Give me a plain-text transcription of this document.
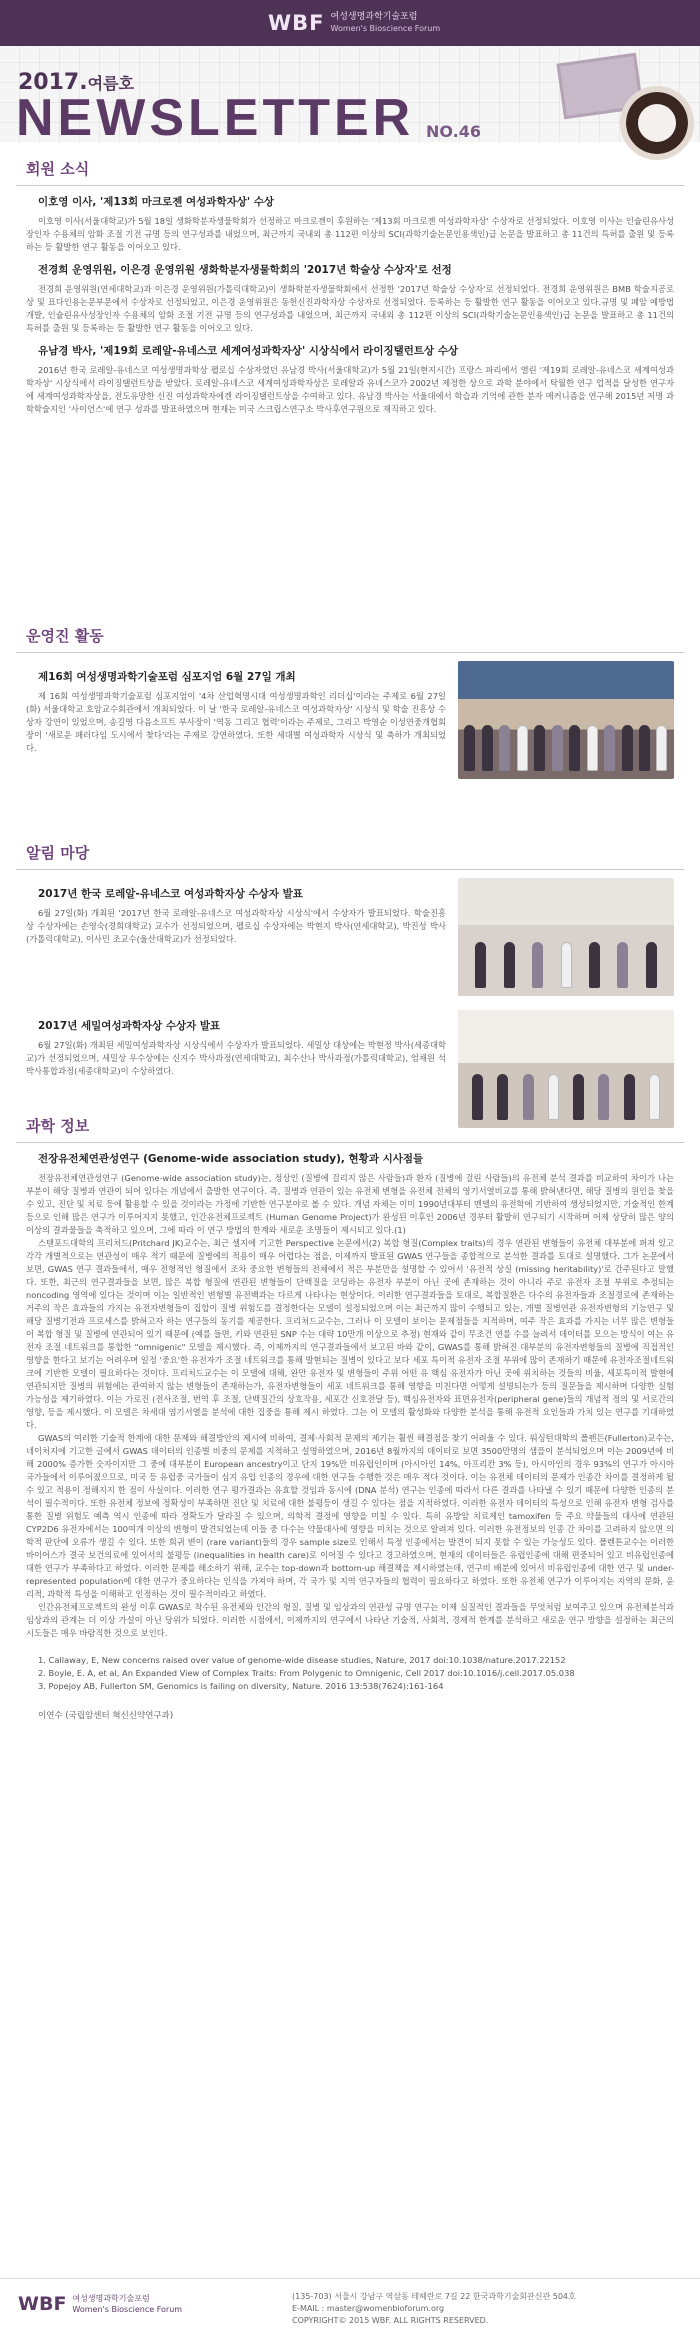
WBF 여성생명과학기술포럼
Women's Bioscience Forum
2017.여름호
NEWSLETTER NO.46
회원 소식
이호영 이사, '제13회 마크로젠 여성과학자상' 수상

이호영 이사(서울대학교)가 5월 18일 생화학분자생물학회가 선정하고 마크로젠이 후원하는 '제13회 마크로젠 여성과학자상' 수상자로 선정되었다. 이호영 이사는 인슐린유사성장인자 수용체의 암화 조절 기전 규명 등의 연구성과를 내었으며, 최근까지 국내외 총 112편 이상의 SCI(과학기술논문인용색인)급 논문을 발표하고 총 11건의 특허를 출원 및 등록하는 등 활발한 연구 활동을 이어오고 있다.

전경희 운영위원, 이은경 운영위원 생화학분자생물학회의 '2017년 학술상 수상자'로 선정

전경희 운영위원(연세대학교)과 이은경 운영위원(가톨릭대학교)이 생화학분자생물학회에서 선정한 '2017년 학술상 수상자'로 선정되었다. 전경희 운영위원은 BMB 학술지공로상 및 표다인용논문부문에서 수상자로 선정되었고, 이은경 운영위원은 동헌신진과학자상 수상자로 선정되었다. 등록하는 등 활발한 연구 활동을 이어오고 있다.규명 및 폐암 예방법 개발, 인슐린유사성장인자 수용체의 암화 조절 기전 규명 등의 연구성과를 내었으며, 최근까지 국내외 총 112편 이상의 SCI(과학기술논문인용색인)급 논문을 발표하고 총 11건의 특허를 출원 및 등록하는 등 활발한 연구 활동을 이어오고 있다.

유남경 박사, '제19회 로레알-유네스코 세계여성과학자상' 시상식에서 라이징탤런트상 수상

2016년 한국 로레알-유네스코 여성생명과학상 펠로십 수상자였던 유남경 박사(서울대학교)가 5월 21일(현지시간) 프랑스 파리에서 열린 '제19회 로레알-유네스코 세계여성과학자상' 시상식에서 라이징탤런트상을 받았다. 로레알-유네스코 세계여성과학자상은 로레알과 유네스코가 2002년 제정한 상으로 과학 분야에서 탁월한 연구 업적을 달성한 연구자에 세계여성과학자상을, 전도유망한 신진 여성과학자에겐 라이징탤런트상을 수여하고 있다. 유남경 박사는 서울대에서 학습과 기억에 관한 분자 메커니즘을 연구해 2015년 저명 과학학술지인 '사이언스'에 연구 성과를 발표하였으며 현재는 미국 스크립스연구소 박사후연구원으로 재직하고 있다.

운영진 활동
제16회 여성생명과학기술포럼 심포지엄 6월 27일 개최

제 16회 여성생명과학기술포럼 심포지엄이 '4차 산업혁명시대 여성생명과학인 리더십'이라는 주제로 6월 27일(화) 서울대학교 호암교수회관에서 개최되었다. 이 날 '한국 로레알-유네스코 여성과학자상' 시상식 및 학술 진흥상 수상자 강연이 있었으며, 송길영 다음소프트 부사장이 '역동 그리고 협력'이라는 주제로, 그리고 박영순 이성연중개협회장이 '새로운 패러다임 도시에서 찾다'라는 주제로 강연하였다. 또한 세대별 여성과학자 시상식 및 축하가 개최되었다.

알림 마당
2017년 한국 로레알-유네스코 여성과학자상 수상자 발표

6월 27일(화) 개최된 '2017년 한국 로레알-유네스코 여성과학자상 시상식'에서 수상자가 발표되었다. 학술진흥상 수상자에는 손영숙(경희대학교) 교수가 선정되었으며, 펠로십 수상자에는 박현지 박사(연세대학교), 박진성 박사(가톨릭대학교), 이사민 조교수(울산대학교)가 선정되었다.

2017년 세밀여성과학자상 수상자 발표

6월 27일(화) 개최된 세밀여성과학자상 시상식에서 수상자가 발표되었다. 세밀상 대상에는 박현정 박사(세종대학교)가 선정되었으며, 세밀상 우수상에는 신지수 박사과정(연세대학교), 최수산나 박사과정(가톨릭대학교), 엄채원 석박사통합과정(세종대학교)이 수상하였다.

과학 정보
전장유전체연관성연구 (Genome-wide association study), 현황과 시사점들

전장유전체연관성연구 (Genome-wide association study)는, 정상인 (질병에 걸리지 않은 사람들)과 환자 (질병에 걸린 사람들)의 유전체 분석 결과를 비교하여 차이가 나는 부분이 해당 질병과 연관이 되어 있다는 개념에서 출발한 연구이다. 즉, 질병과 연관이 있는 유전체 변형을 유전체 전체의 영기서열비교를 통해 밝혀낸다면, 해당 질병의 원인을 찾을 수 있고, 진단 및 치료 등에 활용할 수 있을 것이라는 가정에 기반한 연구분야로 볼 수 있다. 개념 자체는 이미 1990년대부터 멘델의 유전학에 기반하여 생성되었지만, 기술적인 한계 등으로 인해 많은 연구가 이루어지지 못했고, 인간유전체프로젝트 (Human Genome Project)가 완성된 이후인 2006년 경부터 활발히 연구되기 시작하며 어제 상당히 많은 양의 이상의 결과물들을 축적하고 있으며, 그에 따라 이 연구 방법의 한계와 새로운 조명들이 제시되고 있다.(1)

스탠포드대학의 프리처드(Pritchard JK)교수는, 최근 셀지에 기고한 Perspective 논문에서(2) 복합 형질(Complex traits)의 경우 연관된 변형들이 유전체 대부분에 퍼져 있고 각각 개별적으로는 연관성이 매우 적기 때문에 질병에의 적용이 매우 어렵다는 점을, 이제까지 발표된 GWAS 연구들을 종합적으로 분석한 결과를 토대로 설명했다. 그가 논문에서 보면, GWAS 연구 결과들에서, 매우 전형적인 형질에서 조차 중요한 변형들의 전체에서 적은 부분만을 설명할 수 있어서 '유전적 상실 (missing heritability)'로 간주된다고 말했다. 또한, 최근의 연구결과들을 보면, 많은 복합 형질에 연관된 변형들이 단백질을 코딩하는 유전자 부분이 아닌 곳에 존재하는 것이 아니라 주로 유전자 조절 부위로 추정되는 noncoding 영역에 있다는 것이며 이는 일반적인 변형별 유전백과는 다르게 나타나는 현상이다. 이러한 연구결과들을 토대로, 복합질환은 다수의 유전자들과 조절경로에 존재하는 거주의 작은 효과들의 가지는 유전자변형들이 집합이 질병 위험도를 결정한다는 모델이 설정되었으며 이는 최근까지 많이 수행되고 있는, 개별 질병연관 유전자변형의 기능연구 및 해당 질병기전과 프로세스를 밝혀고자 하는 연구들의 동기를 제공한다. 프리처드교수는, 그러나 이 모델이 보이는 문제점들을 지적하며, 여주 작은 효과를 가지는 너무 많은 변형들이 복합 형질 및 질병에 연관되어 있기 때문에 (예를 들면, 키와 연관된 SNP 수는 대략 10만개 이상으로 추정) 현재와 같이 무조건 연를 수를 늘려서 데이터를 모으는 방식이 여는 유전자 조절 네트워크를 통합한 "omnigenic" 모델을 제시했다. 즉, 이제까지의 연구결과들에서 보고된 바와 같이, GWAS를 통해 밝혀진 대부분의 유전자변형들의 질병에 직접적인 영향을 한다고 보기는 어려우며 일정 '중요'한 유전자가 조절 네트워크를 통해 발현되는 질병이 있다고 보다 세포 특이적 유전자 조절 부위에 많이 존재하기 때문에 유전자조절네트워크에 기반한 모델이 필요하다는 것이다. 프리처드교수는 이 모델에 대해, 완만 유전자 및 변형들이 주위 어떤 유 핵심 유전자가 아닌 곳에 위치하는 것들의 비율, 세포특이적 발현에 연관되지만 질병의 위험에는 관여하지 않는 변형들이 존재하는가, 유전자변형들이 세포 네트워크를 통해 영향을 미친다면 어떻게 설명되는가 등의 질문들을 제시하며 다양한 실험 가능성을 제기하였다. 이는 가로진 (전사조절, 번역 후 조절, 단백질간의 상호작용, 세포간 신호전달 등), 핵심유전자와 표면유전자(peripheral gene)들의 개념적 정의 및 서로간의 영향, 등을 제시했다. 이 모델은 차세대 염기서열을 분석에 대한 집중을 통해 제시 하였다. 그는 이 모델의 활성화와 다양한 분석을 통해 유전적 요인들과 가치 있는 연구를 기대하였다.

GWAS의 여러한 기술적 한계에 대한 문제와 해결방안의 제시에 비하여, 결제·사회적 문제의 제기는 훨씬 해결점을 찾기 어려울 수 있다. 워싱턴대학의 폴펜든(Fullerton)교수는, 네이처지에 기고한 글에서 GWAS 데이터의 인종별 비중의 문제를 지적하고 설명하였으며, 2016년 8월까지의 데이터로 보면 3500만명의 샘플이 분석되었으며 이는 2009년에 비해 2000% 증가한 숫자이지만 그 중에 대부분이 European ancestry이고 단지 19%만 비유럽인이며 (아시아인 14%, 아프리칸 3% 등), 아시아인의 경우 93%의 연구가 아시아국가들에서 이루어졌으므로, 미국 등 유럽중 국가들이 심지 유입 인종의 경우에 대한 연구들 수행한 것은 매우 적다 것이다. 이는 유전체 데이터의 문제가 인종간 차이를 결정하게 될 수 있고 적용이 정해지지 한 점이 사실이다. 이러한 연구 평가결과는 유효할 것임과 동시에 (DNA 분석) 연구는 인종에 따라서 다른 결과를 나타낼 수 있기 때문에 다양한 인종의 분석이 필수적이다. 또한 유전체 정보에 정확성이 부족하면 진단 및 치료에 대한 불평등이 생길 수 있다는 점을 지적하였다. 이러한 유전자 데이터의 특성으로 인해 유전자 변형 검사를 통한 질병 위험도 예측 역시 인종에 따라 정확도가 달라질 수 있으며, 의학적 결정에 영향을 미칠 수 있다. 특히 유방암 치료제인 tamoxifen 등 주요 약물들의 대사에 연관된 CYP2D6 유전자에서는 100여개 이상의 변형이 발견되었는데 이들 중 다수는 약물대사에 영향을 미치는 것으로 알려져 있다. 이러한 유전정보의 인종 간 차이를 고려하지 않으면 의학적 판단에 오류가 생길 수 있다. 또한 희귀 변이 (rare variant)들의 경우 sample size로 인해서 특정 인종에서는 발견이 되지 못할 수 있는 가능성도 있다. 폴렌튼교수는 이러한 바이어스가 결국 보건의료에 있어서의 불평등 (inequalities in health care)로 이어질 수 있다고 경고하였으며, 현재의 데이터들은 유럽인종에 대해 편중되어 있고 비유럽인종에 대한 연구가 부족하다고 하였다. 이러한 문제를 해소하기 위해, 교수는 top-down과 bottom-up 해결책을 제시하였는데, 연구비 배분에 있어서 비유럽인종에 대한 연구 및 under-represented population에 대한 연구가 중요하다는 인식을 가져야 하며, 각 국가 및 지역 연구자들의 협력이 필요하다고 하였다. 또한 유전체 연구가 이루어지는 지역의 문화, 윤리적, 과학적 특성을 이해하고 인정하는 것이 필수적이라고 하였다.

인간유전체프로젝트의 완성 이후 GWAS로 착수된 유전체와 인간의 형질, 질병 및 임상과의 연관성 규명 연구는 이제 실질적인 결과들을 무엇처럼 보여주고 있으며 유전체분석과 임상과의 관계는 더 이상 가설이 아닌 당위가 되었다. 이러한 시점에서, 이제까지의 연구에서 나타난 기술적, 사회적, 경제적 한계를 분석하고 새로운 연구 방향을 설정하는 최근의 시도들은 매우 바람직한 것으로 보인다.

1. Callaway, E, New concerns raised over value of genome-wide disease studies, Nature, 2017 doi:10.1038/nature.2017.22152

2. Boyle, E. A, et al, An Expanded View of Complex Traits: From Polygenic to Omnigenic, Cell 2017 doi:10.1016/j.cell.2017.05.038

3. Popejoy AB, Fullerton SM, Genomics is failing on diversity, Nature. 2016 13:538(7624):161-164

이연수 (국립암센터 혁신신약연구과)

WBF 여성생명과학기술포럼
Women's Bioscience Forum
(135-703) 서울시 강남구 역삼동 테헤란로 7길 22 한국과학기술회관신관 504호
E-MAIL : master@womenbioforum.org
COPYRIGHT© 2015 WBF. ALL RIGHTS RESERVED.
